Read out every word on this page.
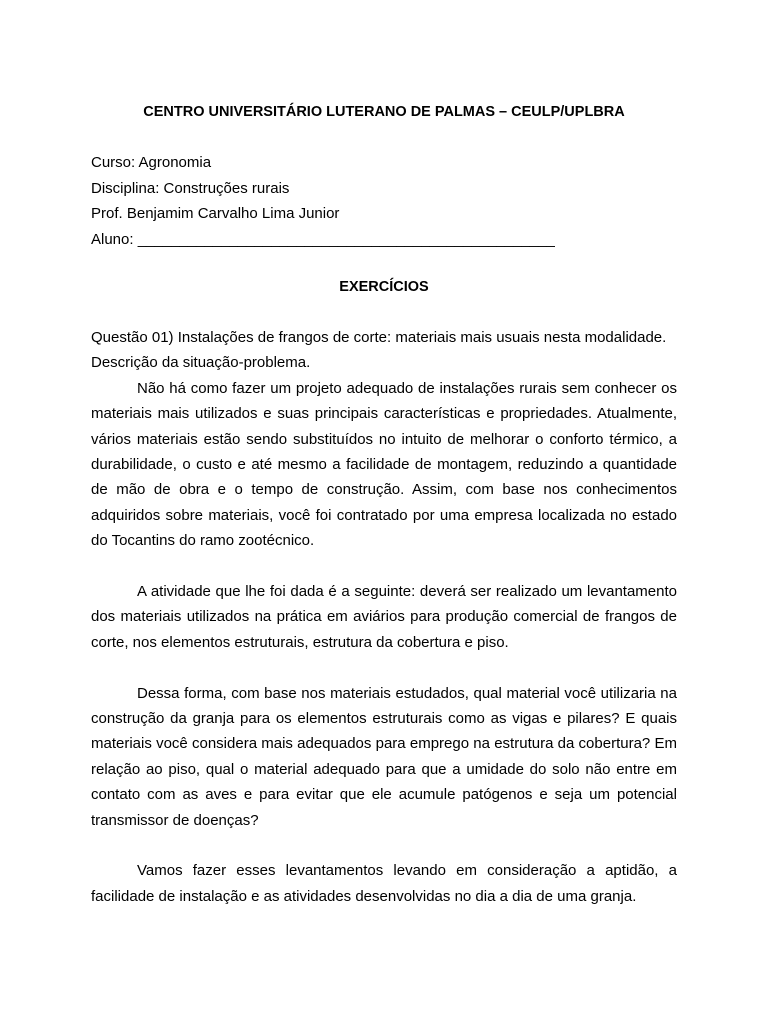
CENTRO UNIVERSITÁRIO LUTERANO DE PALMAS – CEULP/UPLBRA
Curso: Agronomia
Disciplina: Construções rurais
Prof. Benjamim Carvalho Lima Junior
Aluno: __________________________________________________
EXERCÍCIOS

Questão 01) Instalações de frangos de corte: materiais mais usuais nesta modalidade.

Descrição da situação-problema.

Não há como fazer um projeto adequado de instalações rurais sem conhecer os materiais mais utilizados e suas principais características e propriedades. Atualmente, vários materiais estão sendo substituídos no intuito de melhorar o conforto térmico, a durabilidade, o custo e até mesmo a facilidade de montagem, reduzindo a quantidade de mão de obra e o tempo de construção. Assim, com base nos conhecimentos adquiridos sobre materiais, você foi contratado por uma empresa localizada no estado do Tocantins do ramo zootécnico.

A atividade que lhe foi dada é a seguinte: deverá ser realizado um levantamento dos materiais utilizados na prática em aviários para produção comercial de frangos de corte, nos elementos estruturais, estrutura da cobertura e piso.

Dessa forma, com base nos materiais estudados, qual material você utilizaria na construção da granja para os elementos estruturais como as vigas e pilares? E quais materiais você considera mais adequados para emprego na estrutura da cobertura? Em relação ao piso, qual o material adequado para que a umidade do solo não entre em contato com as aves e para evitar que ele acumule patógenos e seja um potencial transmissor de doenças?

Vamos fazer esses levantamentos levando em consideração a aptidão, a facilidade de instalação e as atividades desenvolvidas no dia a dia de uma granja.
